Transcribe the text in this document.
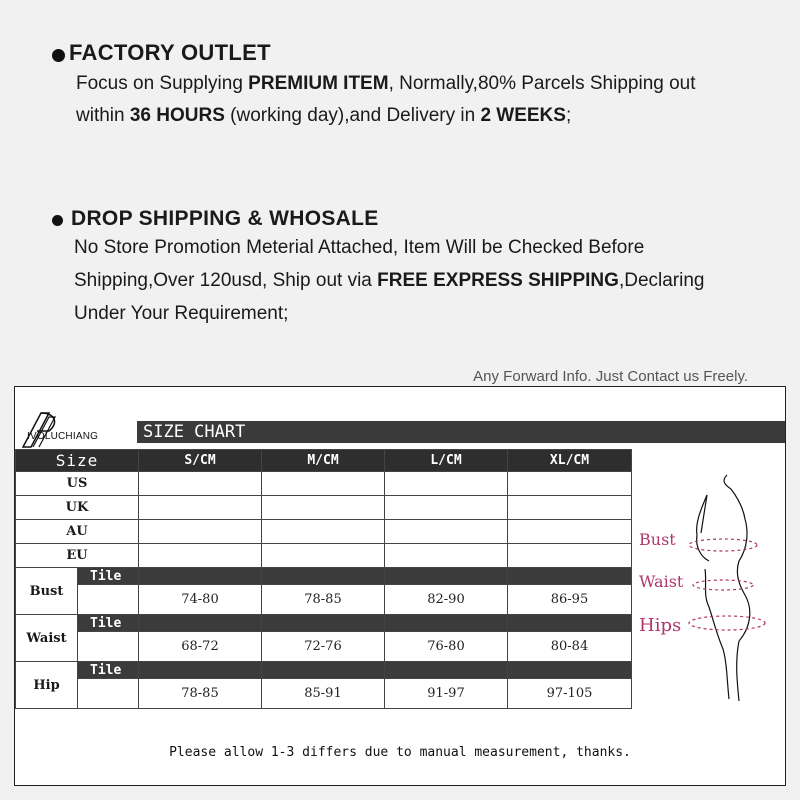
FACTORY OUTLET
Focus on Supplying PREMIUM ITEM, Normally,80% Parcels Shipping out
within 36 HOURS (working day),and Delivery in 2 WEEKS;
DROP SHIPPING & WHOSALE
No Store Promotion Meterial Attached, Item Will be Checked Before
Shipping,Over 120usd, Ship out via FREE EXPRESS SHIPPING,Declaring
Under Your Requirement;
Any Forward Info. Just Contact us Freely.
IVOLUCHIANG	SIZE CHART
Size		S/CM	M/CM	L/CM	XL/CM
US					
UK					
AU					
EU					
Bust	Tile				
		74-80	78-85	82-90	86-95
Waist	Tile				
		68-72	72-76	76-80	80-84
Hip	Tile				
		78-85	85-91	91-97	97-105
Bust
Waist
Hips
Please allow 1-3 differs due to manual measurement, thanks.
